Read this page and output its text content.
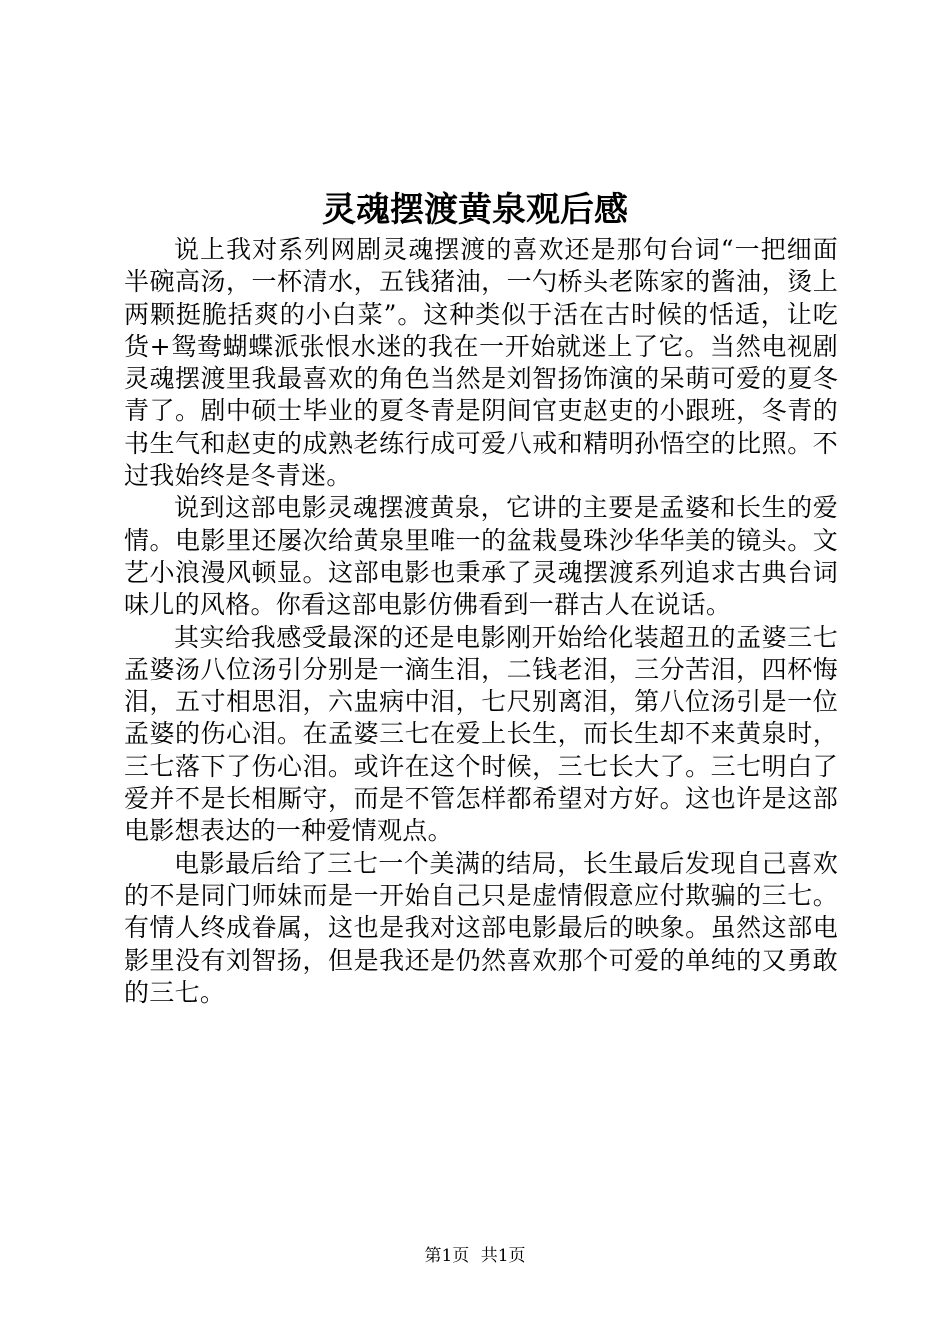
灵魂摆渡黄泉观后感

说上我对系列网剧灵魂摆渡的喜欢还是那句台词“一把细面半碗高汤，一杯清水，五钱猪油，一勺桥头老陈家的酱油，烫上两颗挺脆括爽的小白菜”。这种类似于活在古时候的恬适，让吃货+鸳鸯蝴蝶派张恨水迷的我在一开始就迷上了它。当然电视剧灵魂摆渡里我最喜欢的角色当然是刘智扬饰演的呆萌可爱的夏冬青了。剧中硕士毕业的夏冬青是阴间官吏赵吏的小跟班，冬青的书生气和赵吏的成熟老练行成可爱八戒和精明孙悟空的比照。不过我始终是冬青迷。

说到这部电影灵魂摆渡黄泉，它讲的主要是孟婆和长生的爱情。电影里还屡次给黄泉里唯一的盆栽曼珠沙华华美的镜头。文艺小浪漫风顿显。这部电影也秉承了灵魂摆渡系列追求古典台词味儿的风格。你看这部电影仿佛看到一群古人在说话。

其实给我感受最深的还是电影刚开始给化装超丑的孟婆三七孟婆汤八位汤引分别是一滴生泪，二钱老泪，三分苦泪，四杯悔泪，五寸相思泪，六盅病中泪，七尺别离泪，第八位汤引是一位孟婆的伤心泪。在孟婆三七在爱上长生，而长生却不来黄泉时，三七落下了伤心泪。或许在这个时候，三七长大了。三七明白了爱并不是长相厮守，而是不管怎样都希望对方好。这也许是这部电影想表达的一种爱情观点。

电影最后给了三七一个美满的结局，长生最后发现自己喜欢的不是同门师妹而是一开始自己只是虚情假意应付欺骗的三七。有情人终成眷属，这也是我对这部电影最后的映象。虽然这部电影里没有刘智扬，但是我还是仍然喜欢那个可爱的单纯的又勇敢的三七。

第1页 共1页
